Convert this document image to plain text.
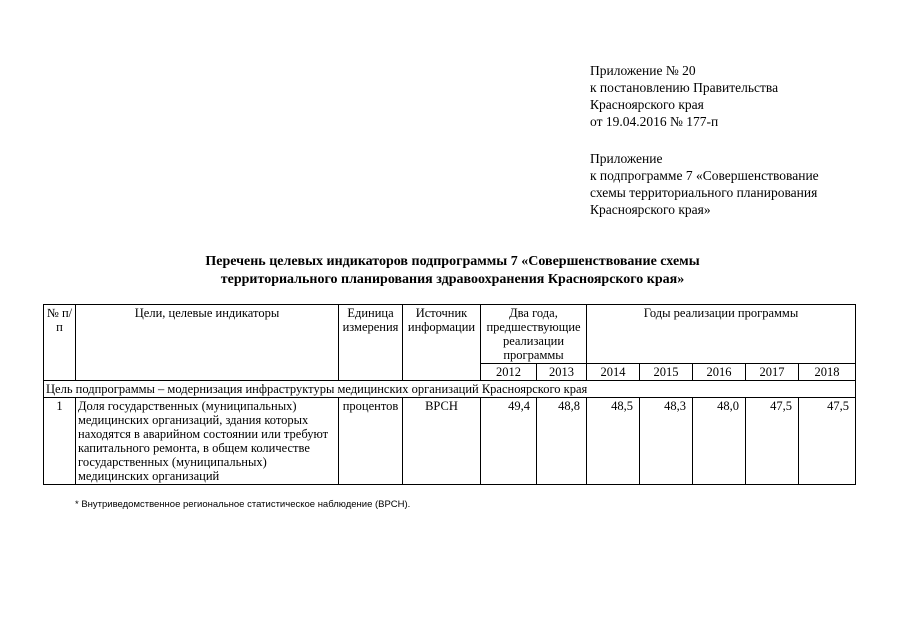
Приложение № 20
к постановлению Правительства
Красноярского края
от 19.04.2016 № 177-п
Приложение
к подпрограмме 7 «Совершенствование
схемы территориального планирования
Красноярского края»
Перечень целевых индикаторов подпрограммы 7 «Совершенствование схемы
территориального планирования здравоохранения Красноярского края»
№ п/п	Цели, целевые индикаторы	Единица измерения	Источник информации	Два года, предшествующие реализации программы		Годы реализации программы				
				2012	2013	2014	2015	2016	2017	2018
Цель подпрограммы – модернизация инфраструктуры медицинских организаций Красноярского края										
1	Доля государственных (муниципальных) медицинских организаций, здания которых находятся в аварийном состоянии или требуют капитального ремонта, в общем количестве государственных (муниципальных) медицинских организаций	процентов	ВРСН	49,4	48,8	48,5	48,3	48,0	47,5	47,5
* Внутриведомственное региональное статистическое наблюдение (ВРСН).
